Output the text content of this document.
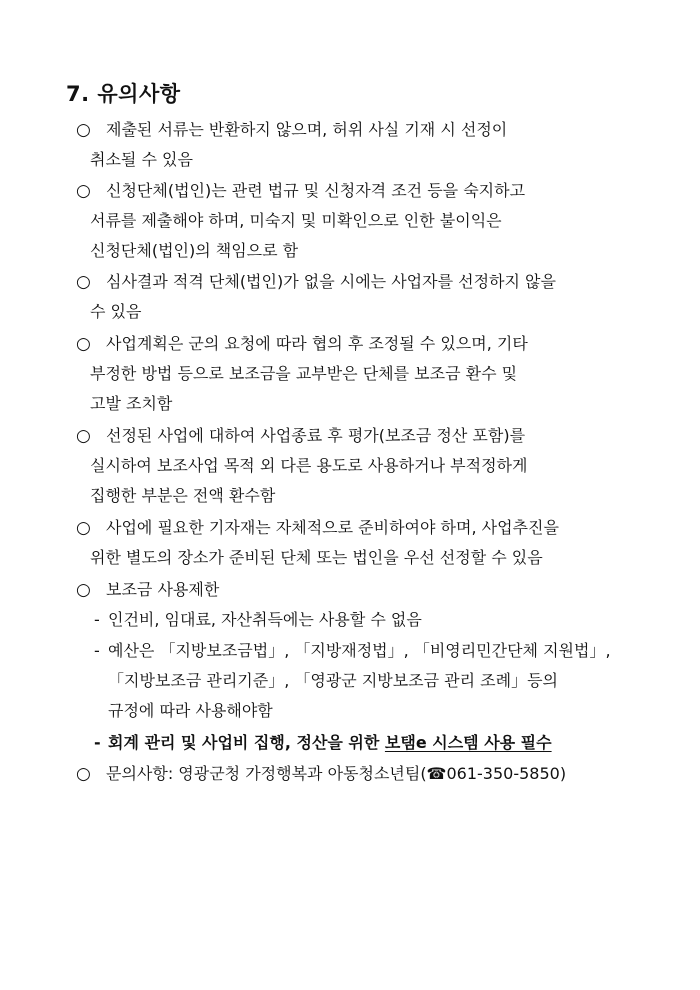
7. 유의사항
○ 제출된 서류는 반환하지 않으며, 허위 사실 기재 시 선정이
취소될 수 있음
○ 신청단체(법인)는 관련 법규 및 신청자격 조건 등을 숙지하고
서류를 제출해야 하며, 미숙지 및 미확인으로 인한 불이익은
신청단체(법인)의 책임으로 함
○ 심사결과 적격 단체(법인)가 없을 시에는 사업자를 선정하지 않을
수 있음
○ 사업계획은 군의 요청에 따라 협의 후 조정될 수 있으며, 기타
부정한 방법 등으로 보조금을 교부받은 단체를 보조금 환수 및
고발 조치함
○ 선정된 사업에 대하여 사업종료 후 평가(보조금 정산 포함)를
실시하여 보조사업 목적 외 다른 용도로 사용하거나 부적정하게
집행한 부분은 전액 환수함
○ 사업에 필요한 기자재는 자체적으로 준비하여야 하며, 사업추진을
위한 별도의 장소가 준비된 단체 또는 법인을 우선 선정할 수 있음
○ 보조금 사용제한
- 인건비, 임대료, 자산취득에는 사용할 수 없음
- 예산은 「지방보조금법」, 「지방재정법」, 「비영리민간단체 지원법」,
「지방보조금 관리기준」, 「영광군 지방보조금 관리 조례」등의
규정에 따라 사용해야함
- 회계 관리 및 사업비 집행, 정산을 위한 보탬e 시스템 사용 필수
○ 문의사항: 영광군청 가정행복과 아동청소년팀(☎061-350-5850)
